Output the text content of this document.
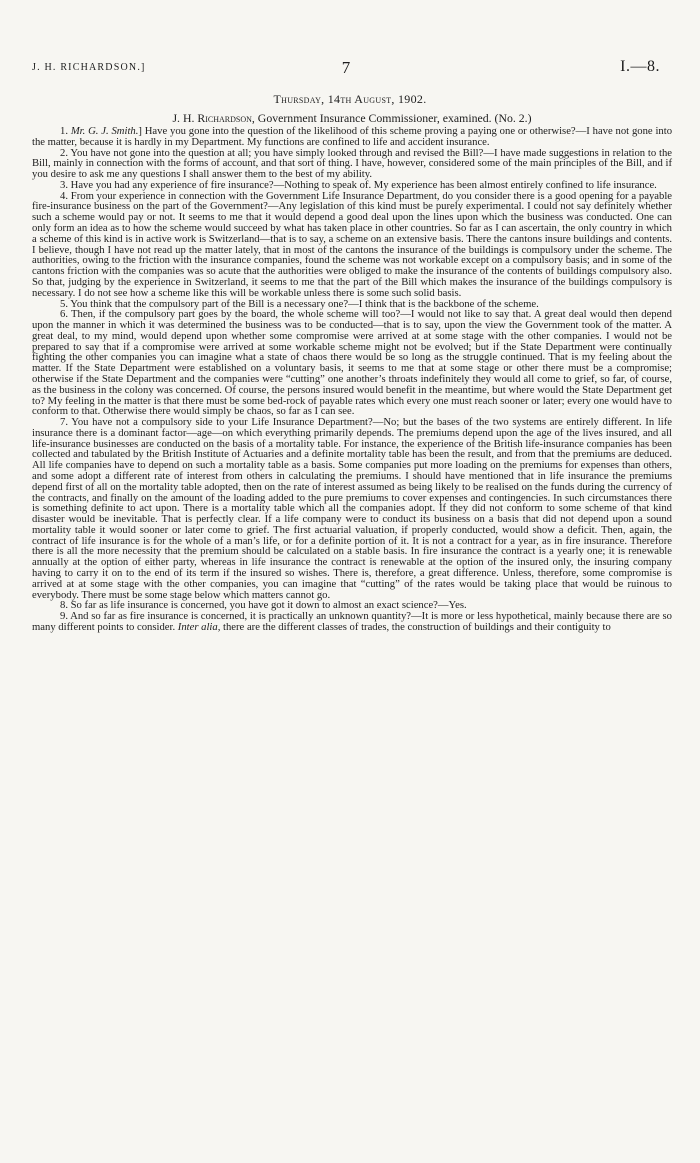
J. H. RICHARDSON.]	7	I.—8.
Thursday, 14th August, 1902.
J. H. Richardson, Government Insurance Commissioner, examined. (No. 2.)

1. Mr. G. J. Smith.] Have you gone into the question of the likelihood of this scheme proving a paying one or otherwise?—I have not gone into the matter, because it is hardly in my Department. My functions are confined to life and accident insurance.

2. You have not gone into the question at all; you have simply looked through and revised the Bill?—I have made suggestions in relation to the Bill, mainly in connection with the forms of account, and that sort of thing. I have, however, considered some of the main principles of the Bill, and if you desire to ask me any questions I shall answer them to the best of my ability.

3. Have you had any experience of fire insurance?—Nothing to speak of. My experience has been almost entirely confined to life insurance.

4. From your experience in connection with the Government Life Insurance Department, do you consider there is a good opening for a payable fire-insurance business on the part of the Government?—Any legislation of this kind must be purely experimental. I could not say definitely whether such a scheme would pay or not. It seems to me that it would depend a good deal upon the lines upon which the business was conducted. One can only form an idea as to how the scheme would succeed by what has taken place in other countries. So far as I can ascertain, the only country in which a scheme of this kind is in active work is Switzerland—that is to say, a scheme on an extensive basis. There the cantons insure buildings and contents. I believe, though I have not read up the matter lately, that in most of the cantons the insurance of the buildings is compulsory under the scheme. The authorities, owing to the friction with the insurance companies, found the scheme was not workable except on a compulsory basis; and in some of the cantons friction with the companies was so acute that the authorities were obliged to make the insurance of the contents of buildings compulsory also. So that, judging by the experience in Switzerland, it seems to me that the part of the Bill which makes the insurance of the buildings compulsory is necessary. I do not see how a scheme like this will be workable unless there is some such solid basis.

5. You think that the compulsory part of the Bill is a necessary one?—I think that is the backbone of the scheme.

6. Then, if the compulsory part goes by the board, the whole scheme will too?—I would not like to say that. A great deal would then depend upon the manner in which it was determined the business was to be conducted—that is to say, upon the view the Government took of the matter. A great deal, to my mind, would depend upon whether some compromise were arrived at at some stage with the other companies. I would not be prepared to say that if a compromise were arrived at some workable scheme might not be evolved; but if the State Department were continually fighting the other companies you can imagine what a state of chaos there would be so long as the struggle continued. That is my feeling about the matter. If the State Department were established on a voluntary basis, it seems to me that at some stage or other there must be a compromise; otherwise if the State Department and the companies were “cutting” one another’s throats indefinitely they would all come to grief, so far, of course, as the business in the colony was concerned. Of course, the persons insured would benefit in the meantime, but where would the State Department get to? My feeling in the matter is that there must be some bed-rock of payable rates which every one must reach sooner or later; every one would have to conform to that. Otherwise there would simply be chaos, so far as I can see.

7. You have not a compulsory side to your Life Insurance Department?—No; but the bases of the two systems are entirely different. In life insurance there is a dominant factor—age—on which everything primarily depends. The premiums depend upon the age of the lives insured, and all life-insurance businesses are conducted on the basis of a mortality table. For instance, the experience of the British life-insurance companies has been collected and tabulated by the British Institute of Actuaries and a definite mortality table has been the result, and from that the premiums are deduced. All life companies have to depend on such a mortality table as a basis. Some companies put more loading on the premiums for expenses than others, and some adopt a different rate of interest from others in calculating the premiums. I should have mentioned that in life insurance the premiums depend first of all on the mortality table adopted, then on the rate of interest assumed as being likely to be realised on the funds during the currency of the contracts, and finally on the amount of the loading added to the pure premiums to cover expenses and contingencies. In such circumstances there is something definite to act upon. There is a mortality table which all the companies adopt. If they did not conform to some scheme of that kind disaster would be inevitable. That is perfectly clear. If a life company were to conduct its business on a basis that did not depend upon a sound mortality table it would sooner or later come to grief. The first actuarial valuation, if properly conducted, would show a deficit. Then, again, the contract of life insurance is for the whole of a man’s life, or for a definite portion of it. It is not a contract for a year, as in fire insurance. Therefore there is all the more necessity that the premium should be calculated on a stable basis. In fire insurance the contract is a yearly one; it is renewable annually at the option of either party, whereas in life insurance the contract is renewable at the option of the insured only, the insuring company having to carry it on to the end of its term if the insured so wishes. There is, therefore, a great difference. Unless, therefore, some compromise is arrived at at some stage with the other companies, you can imagine that “cutting” of the rates would be taking place that would be ruinous to everybody. There must be some stage below which matters cannot go.

8. So far as life insurance is concerned, you have got it down to almost an exact science?—Yes.

9. And so far as fire insurance is concerned, it is practically an unknown quantity?—It is more or less hypothetical, mainly because there are so many different points to consider. Inter alia, there are the different classes of trades, the construction of buildings and their contiguity to
